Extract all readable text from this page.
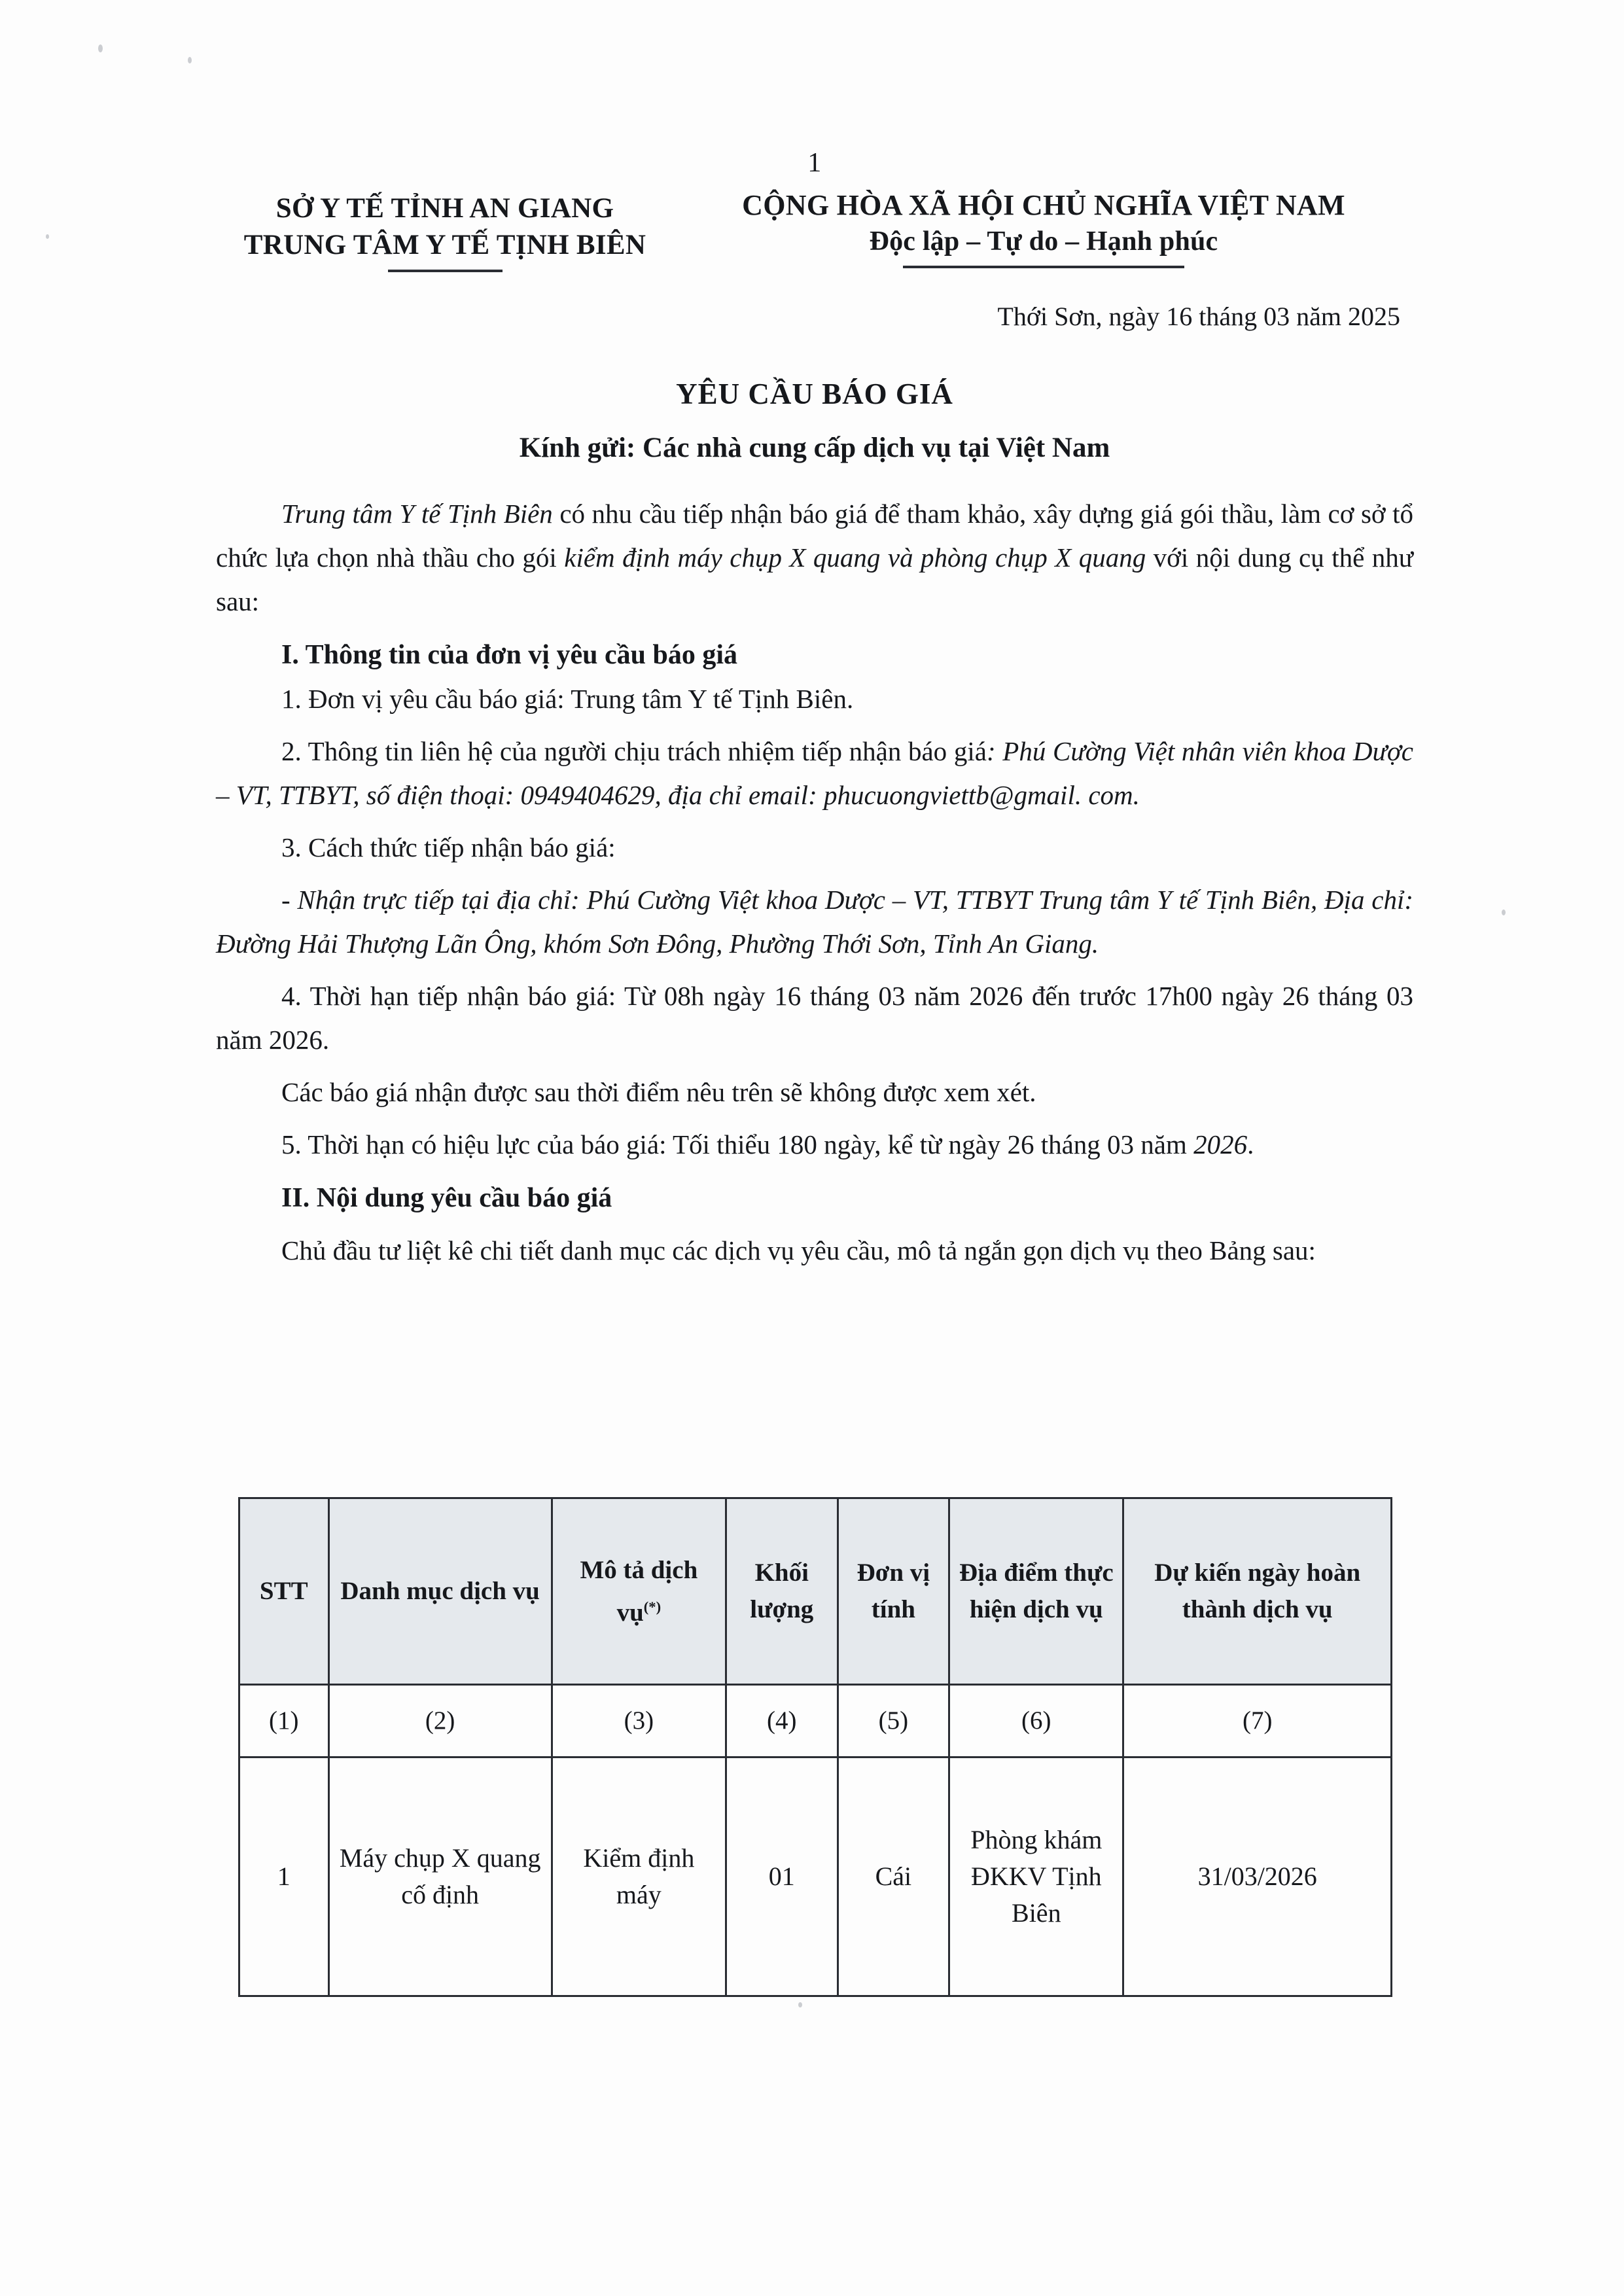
1
SỞ Y TẾ TỈNH AN GIANG
TRUNG TÂM Y TẾ TỊNH BIÊN
CỘNG HÒA XÃ HỘI CHỦ NGHĨA VIỆT NAM
Độc lập – Tự do – Hạnh phúc
Thới Sơn, ngày 16 tháng 03 năm 2025
YÊU CẦU BÁO GIÁ
Kính gửi: Các nhà cung cấp dịch vụ tại Việt Nam

Trung tâm Y tế Tịnh Biên có nhu cầu tiếp nhận báo giá để tham khảo, xây dựng giá gói thầu, làm cơ sở tổ chức lựa chọn nhà thầu cho gói kiểm định máy chụp X quang và phòng chụp X quang với nội dung cụ thể như sau:

I. Thông tin của đơn vị yêu cầu báo giá

1. Đơn vị yêu cầu báo giá: Trung tâm Y tế Tịnh Biên.

2. Thông tin liên hệ của người chịu trách nhiệm tiếp nhận báo giá: Phú Cường Việt nhân viên khoa Dược – VT, TTBYT, số điện thoại: 0949404629, địa chỉ email: phucuongviettb@gmail. com.

3. Cách thức tiếp nhận báo giá:

- Nhận trực tiếp tại địa chỉ: Phú Cường Việt khoa Dược – VT, TTBYT Trung tâm Y tế Tịnh Biên, Địa chỉ: Đường Hải Thượng Lãn Ông, khóm Sơn Đông, Phường Thới Sơn, Tỉnh An Giang.

4. Thời hạn tiếp nhận báo giá: Từ 08h ngày 16 tháng 03 năm 2026 đến trước 17h00 ngày 26 tháng 03 năm 2026.

Các báo giá nhận được sau thời điểm nêu trên sẽ không được xem xét.

5. Thời hạn có hiệu lực của báo giá: Tối thiểu 180 ngày, kể từ ngày 26 tháng 03 năm 2026.

II. Nội dung yêu cầu báo giá

Chủ đầu tư liệt kê chi tiết danh mục các dịch vụ yêu cầu, mô tả ngắn gọn dịch vụ theo Bảng sau:

STT	Danh mục dịch vụ	Mô tả dịch vụ(*)	Khối lượng	Đơn vị tính	Địa điểm thực hiện dịch vụ	Dự kiến ngày hoàn thành dịch vụ
(1)	(2)	(3)	(4)	(5)	(6)	(7)
1	Máy chụp X quang cố định	Kiểm định máy	01	Cái	Phòng khám ĐKKV Tịnh Biên	31/03/2026
